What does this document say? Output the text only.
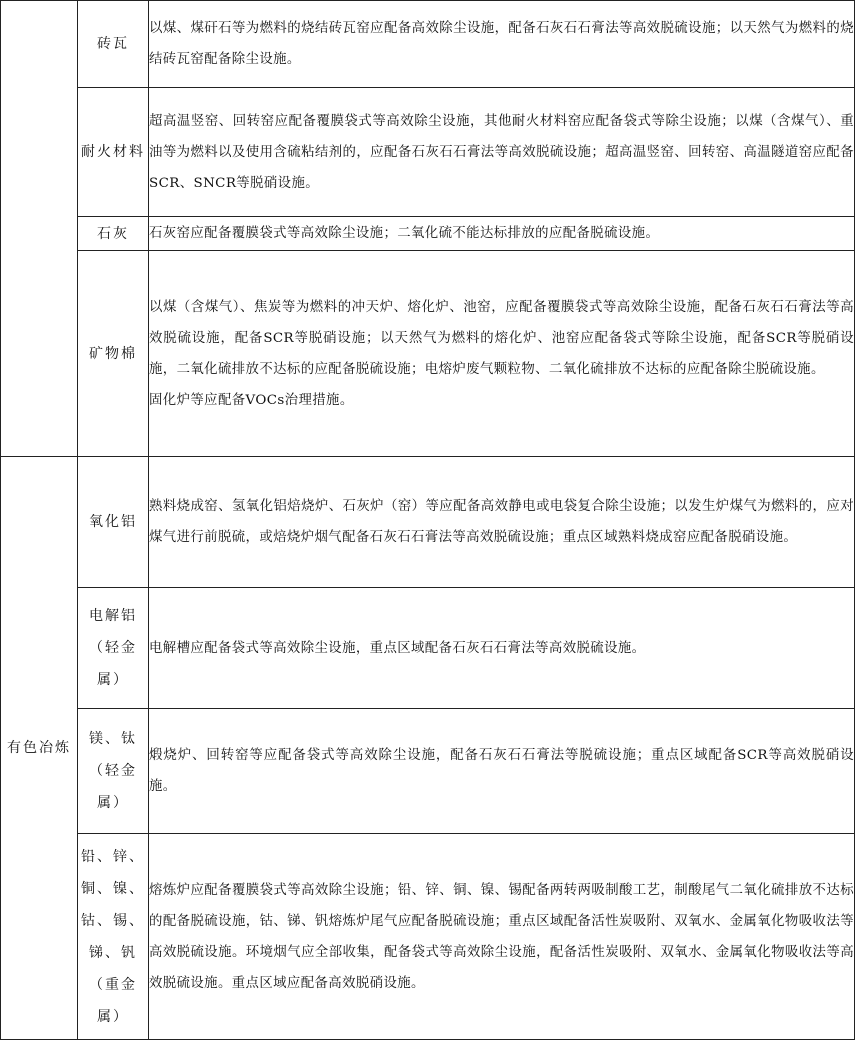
	砖瓦	以煤、煤矸石等为燃料的烧结砖瓦窑应配备高效除尘设施，配备石灰石石膏法等高效脱硫设施；以天然气为燃料的烧结砖瓦窑配备除尘设施。

	耐火材料	超高温竖窑、回转窑应配备覆膜袋式等高效除尘设施，其他耐火材料窑应配备袋式等除尘设施；以煤（含煤气）、重油等为燃料以及使用含硫粘结剂的，应配备石灰石石膏法等高效脱硫设施；超高温竖窑、回转窑、高温隧道窑应配备SCR、SNCR等脱硝设施。

	石灰	石灰窑应配备覆膜袋式等高效除尘设施；二氧化硫不能达标排放的应配备脱硫设施。

	矿物棉	以煤（含煤气）、焦炭等为燃料的冲天炉、熔化炉、池窑，应配备覆膜袋式等高效除尘设施，配备石灰石石膏法等高效脱硫设施，配备SCR等脱硝设施；以天然气为燃料的熔化炉、池窑应配备袋式等除尘设施，配备SCR等脱硝设施，二氧化硫排放不达标的应配备脱硫设施；电熔炉废气颗粒物、二氧化硫排放不达标的应配备除尘脱硫设施。
固化炉等应配备VOCs治理措施。

有色冶炼	氧化铝	熟料烧成窑、氢氧化铝焙烧炉、石灰炉（窑）等应配备高效静电或电袋复合除尘设施；以发生炉煤气为燃料的，应对煤气进行前脱硫，或焙烧炉烟气配备石灰石石膏法等高效脱硫设施；重点区域熟料烧成窑应配备脱硝设施。

	电解铝（轻金属）	电解槽应配备袋式等高效除尘设施，重点区域配备石灰石石膏法等高效脱硫设施。

	镁、钛（轻金属）	煅烧炉、回转窑等应配备袋式等高效除尘设施，配备石灰石石膏法等脱硫设施；重点区域配备SCR等高效脱硝设施。

	铅、锌、铜、镍、钴、锡、锑、钒（重金属）	熔炼炉应配备覆膜袋式等高效除尘设施；铅、锌、铜、镍、锡配备两转两吸制酸工艺，制酸尾气二氧化硫排放不达标的配备脱硫设施，钴、锑、钒熔炼炉尾气应配备脱硫设施；重点区域配备活性炭吸附、双氧水、金属氧化物吸收法等高效脱硫设施。环境烟气应全部收集，配备袋式等高效除尘设施，配备活性炭吸附、双氧水、金属氧化物吸收法等高效脱硫设施。重点区域应配备高效脱硝设施。
